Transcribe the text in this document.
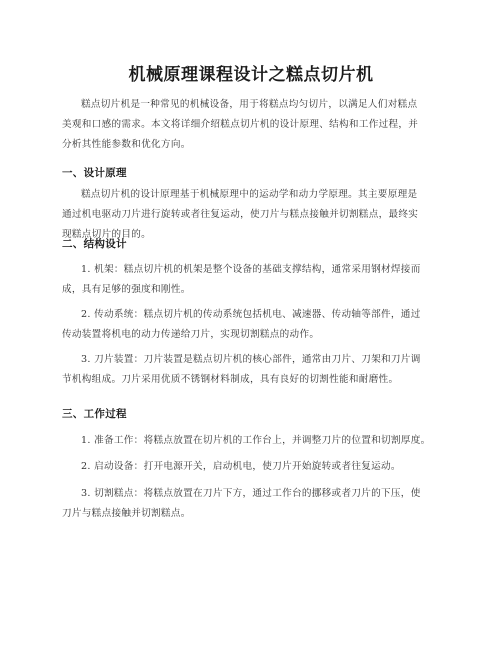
机械原理课程设计之糕点切片机
糕点切片机是一种常见的机械设备，用于将糕点均匀切片，以满足人们对糕点
美观和口感的需求。本文将详细介绍糕点切片机的设计原理、结构和工作过程，并
分析其性能参数和优化方向。
一、设计原理
糕点切片机的设计原理基于机械原理中的运动学和动力学原理。其主要原理是
通过机电驱动刀片进行旋转或者往复运动，使刀片与糕点接触并切割糕点，最终实
现糕点切片的目的。
二、结构设计
1. 机架：糕点切片机的机架是整个设备的基础支撑结构，通常采用钢材焊接而
成，具有足够的强度和刚性。
2. 传动系统：糕点切片机的传动系统包括机电、减速器、传动轴等部件，通过
传动装置将机电的动力传递给刀片，实现切割糕点的动作。
3. 刀片装置：刀片装置是糕点切片机的核心部件，通常由刀片、刀架和刀片调
节机构组成。刀片采用优质不锈钢材料制成，具有良好的切割性能和耐磨性。
三、工作过程
1. 准备工作：将糕点放置在切片机的工作台上，并调整刀片的位置和切割厚度。
2. 启动设备：打开电源开关，启动机电，使刀片开始旋转或者往复运动。
3. 切割糕点：将糕点放置在刀片下方，通过工作台的挪移或者刀片的下压，使
刀片与糕点接触并切割糕点。
